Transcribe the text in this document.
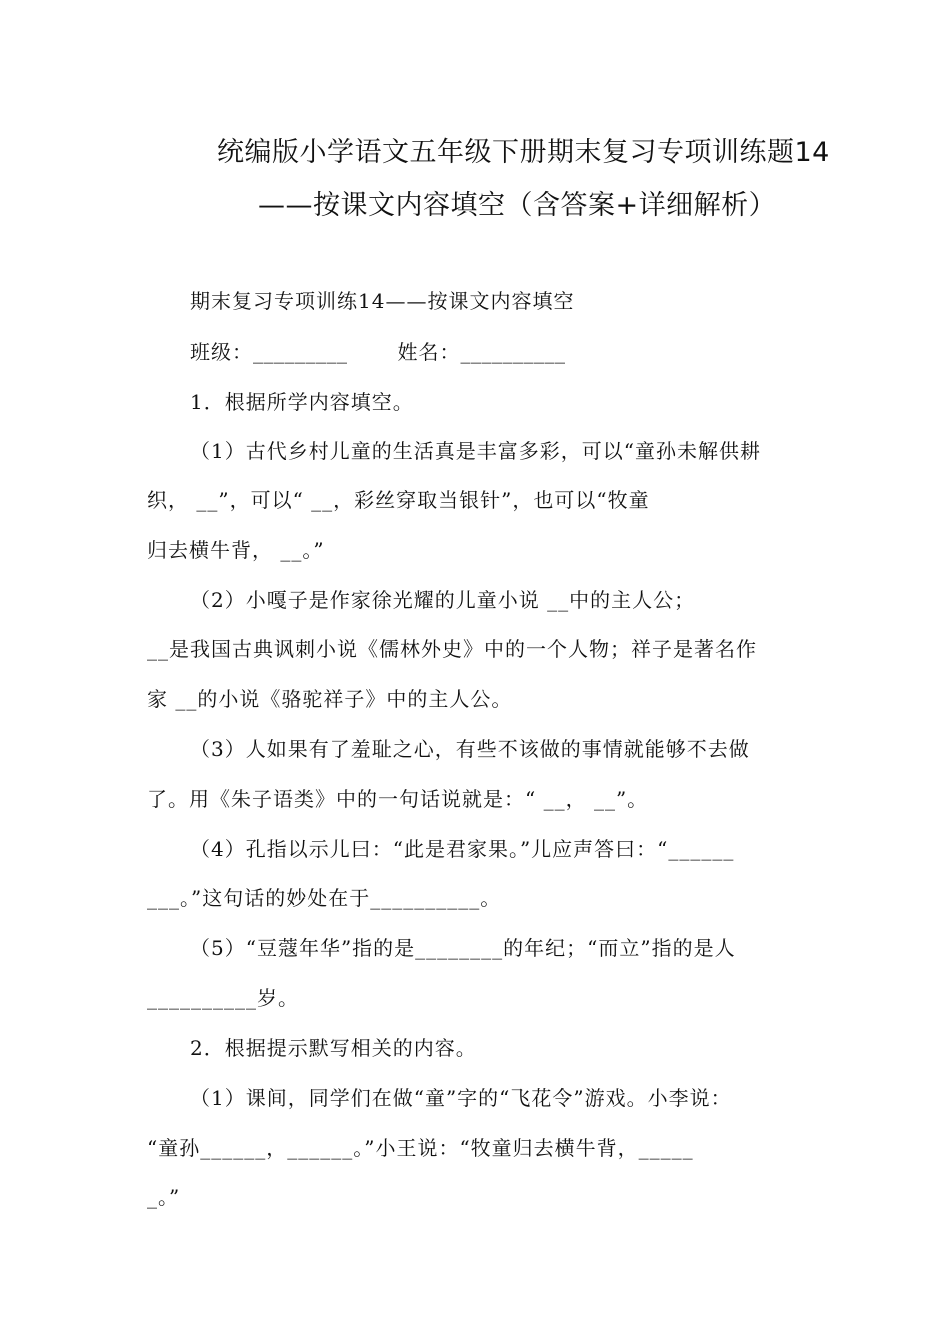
统编版小学语文五年级下册期末复习专项训练题14
——按课文内容填空（含答案+详细解析）
期末复习专项训练14——按课文内容填空
班级：_________	姓名：__________
1．根据所学内容填空。
（1）古代乡村儿童的生活真是丰富多彩，可以“童孙未解供耕
织， __”，可以“ __，彩丝穿取当银针”，也可以“牧童
归去横牛背， __。”
（2）小嘎子是作家徐光耀的儿童小说 __中的主人公；
__是我国古典讽刺小说《儒林外史》中的一个人物；祥子是著名作
家 __的小说《骆驼祥子》中的主人公。
（3）人如果有了羞耻之心，有些不该做的事情就能够不去做
了。用《朱子语类》中的一句话说就是：“ __， __”。
（4）孔指以示儿曰：“此是君家果。”儿应声答曰：“______
___。”这句话的妙处在于__________。
（5）“豆蔻年华”指的是________的年纪；“而立”指的是人
__________岁。
2．根据提示默写相关的内容。
（1）课间，同学们在做“童”字的“飞花令”游戏。小李说：
“童孙______，______。”小王说：“牧童归去横牛背，_____
_。”
